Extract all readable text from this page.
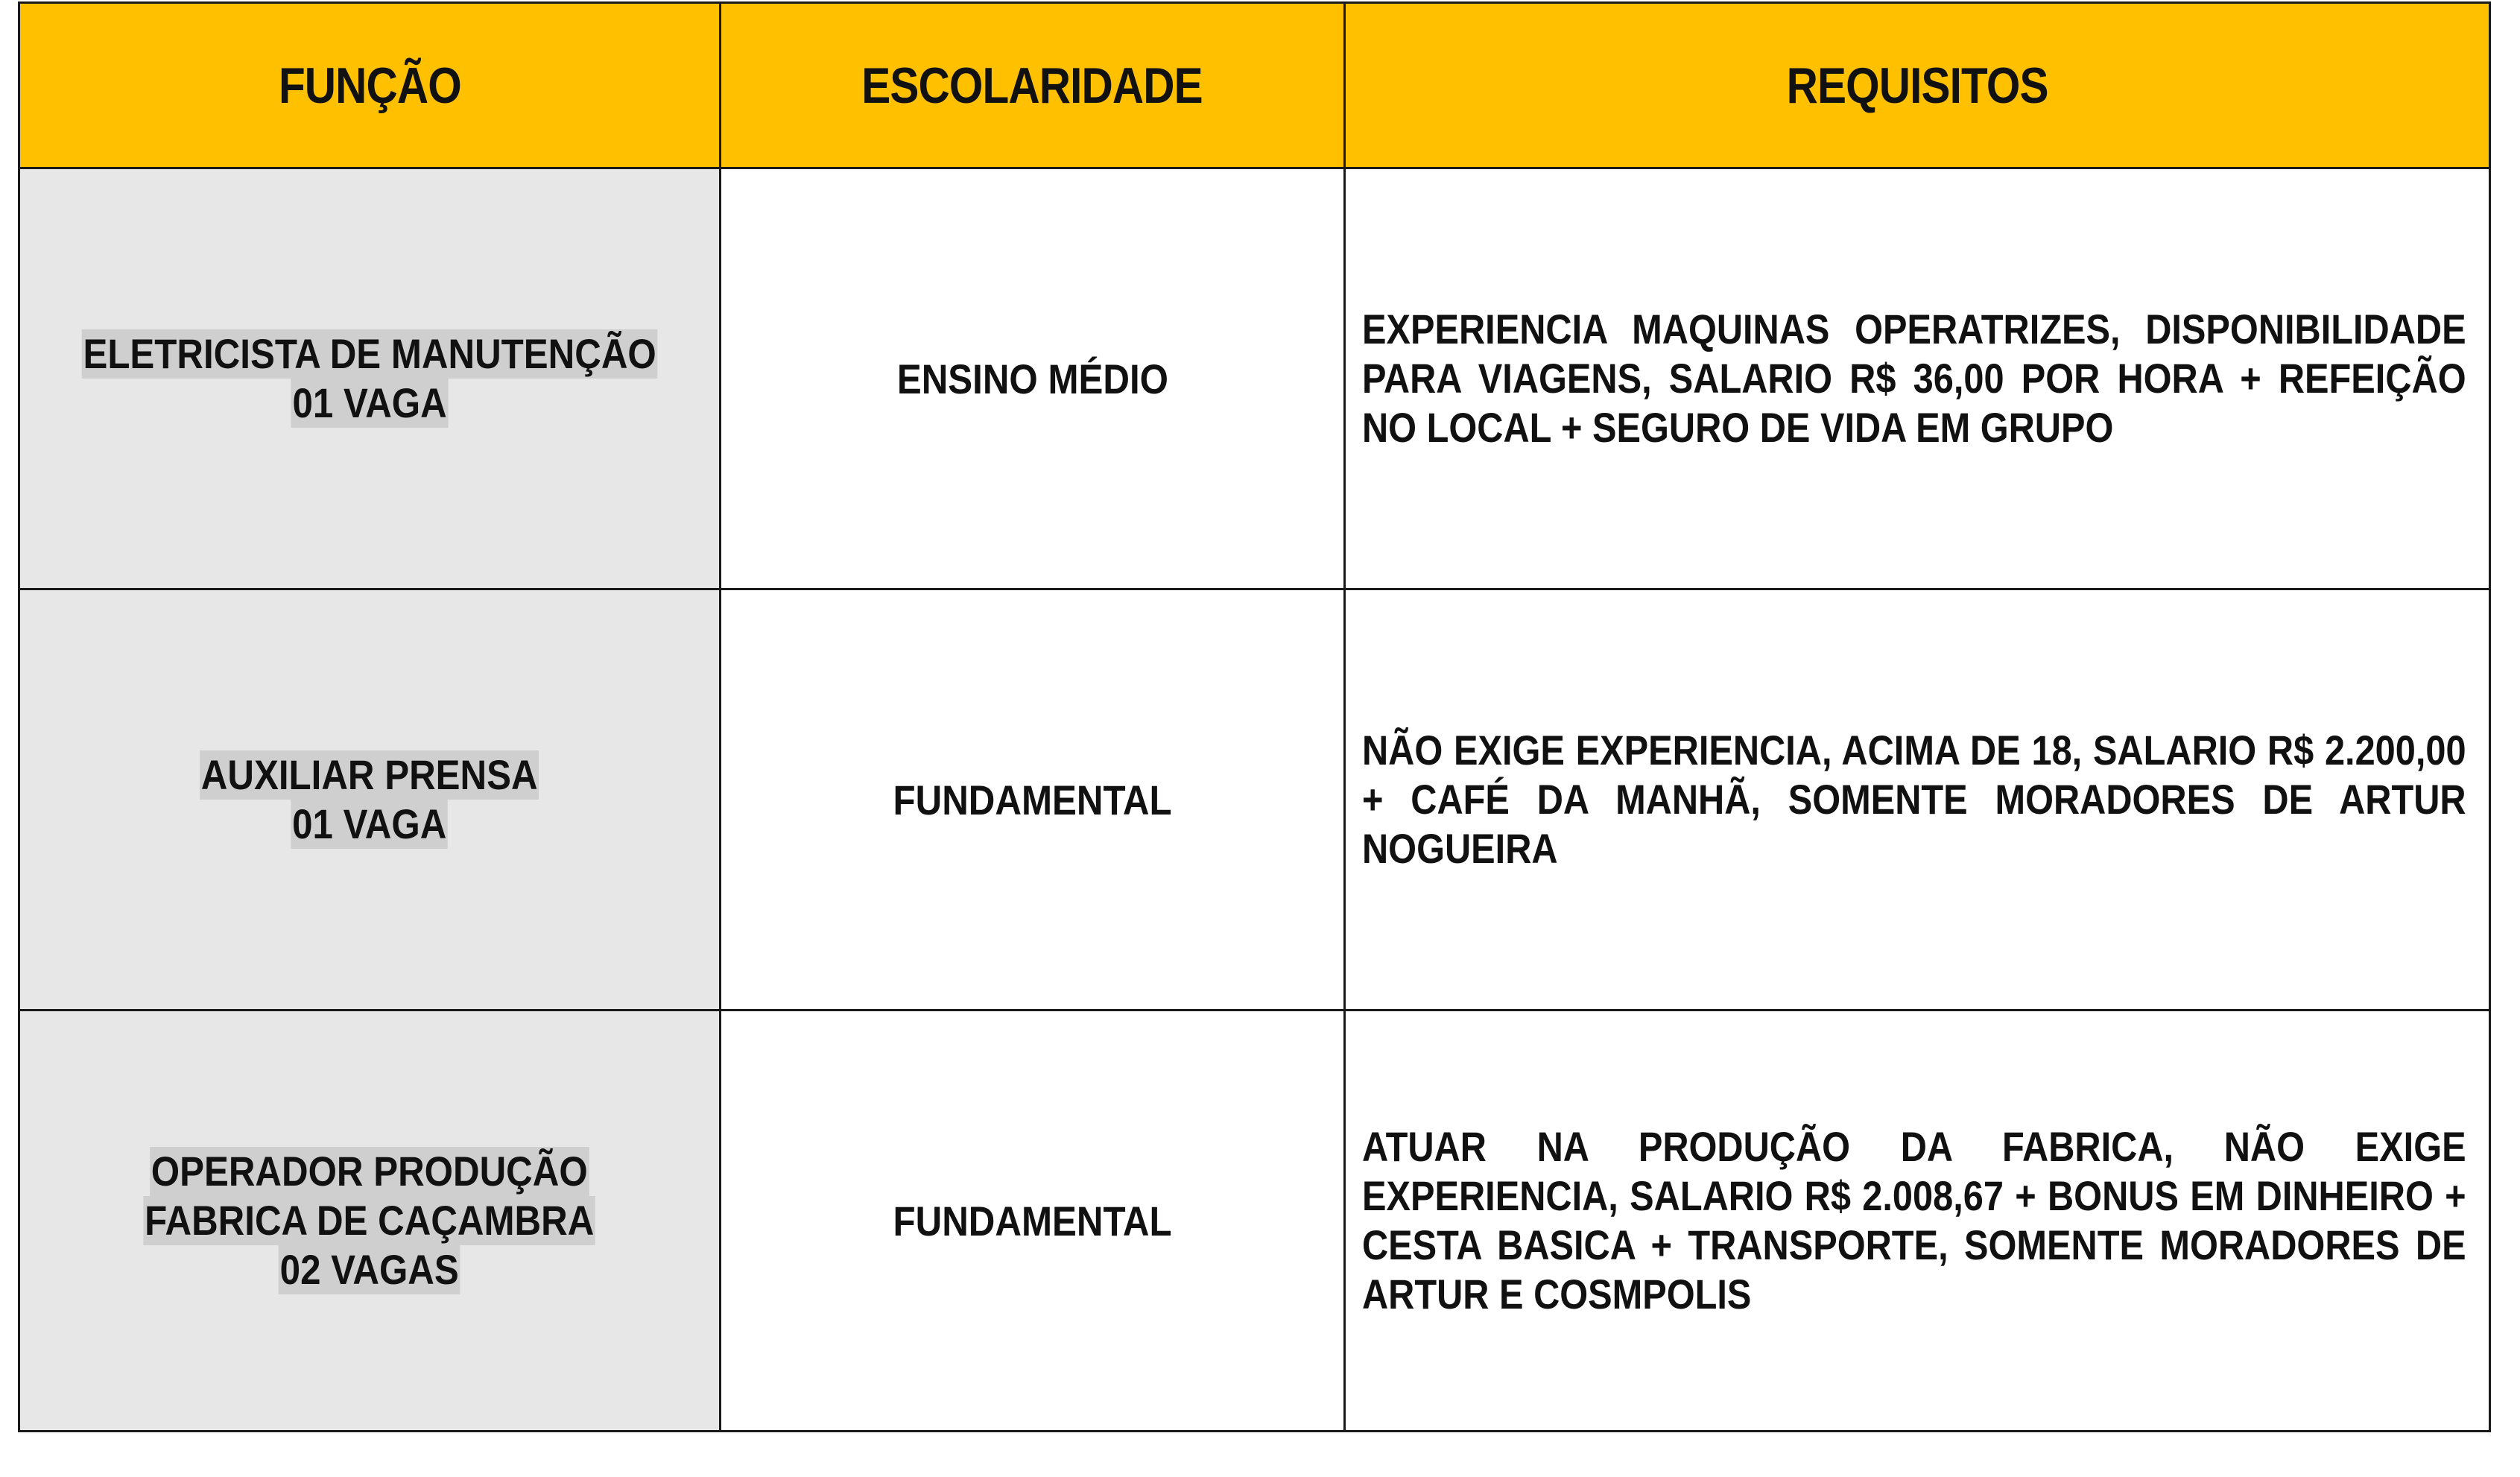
FUNÇÃO	ESCOLARIDADE	REQUISITOS
ELETRICISTA DE MANUTENÇÃO
01 VAGA	ENSINO MÉDIO	EXPERIENCIA MAQUINAS OPERATRIZES, DISPONIBILIDADE PARA VIAGENS, SALARIO R$ 36,00 POR HORA + REFEIÇÃO NO LOCAL + SEGURO DE VIDA EM GRUPO

AUXILIAR PRENSA
01 VAGA	FUNDAMENTAL	NÃO EXIGE EXPERIENCIA, ACIMA DE 18, SALARIO R$ 2.200,00 + CAFÉ DA MANHÃ, SOMENTE MORADORES DE ARTUR NOGUEIRA

OPERADOR PRODUÇÃO
FABRICA DE CAÇAMBRA
02 VAGAS	FUNDAMENTAL	ATUAR NA PRODUÇÃO DA FABRICA, NÃO EXIGE EXPERIENCIA, SALARIO R$ 2.008,67 + BONUS EM DINHEIRO + CESTA BASICA + TRANSPORTE, SOMENTE MORADORES DE ARTUR E COSMPOLIS
